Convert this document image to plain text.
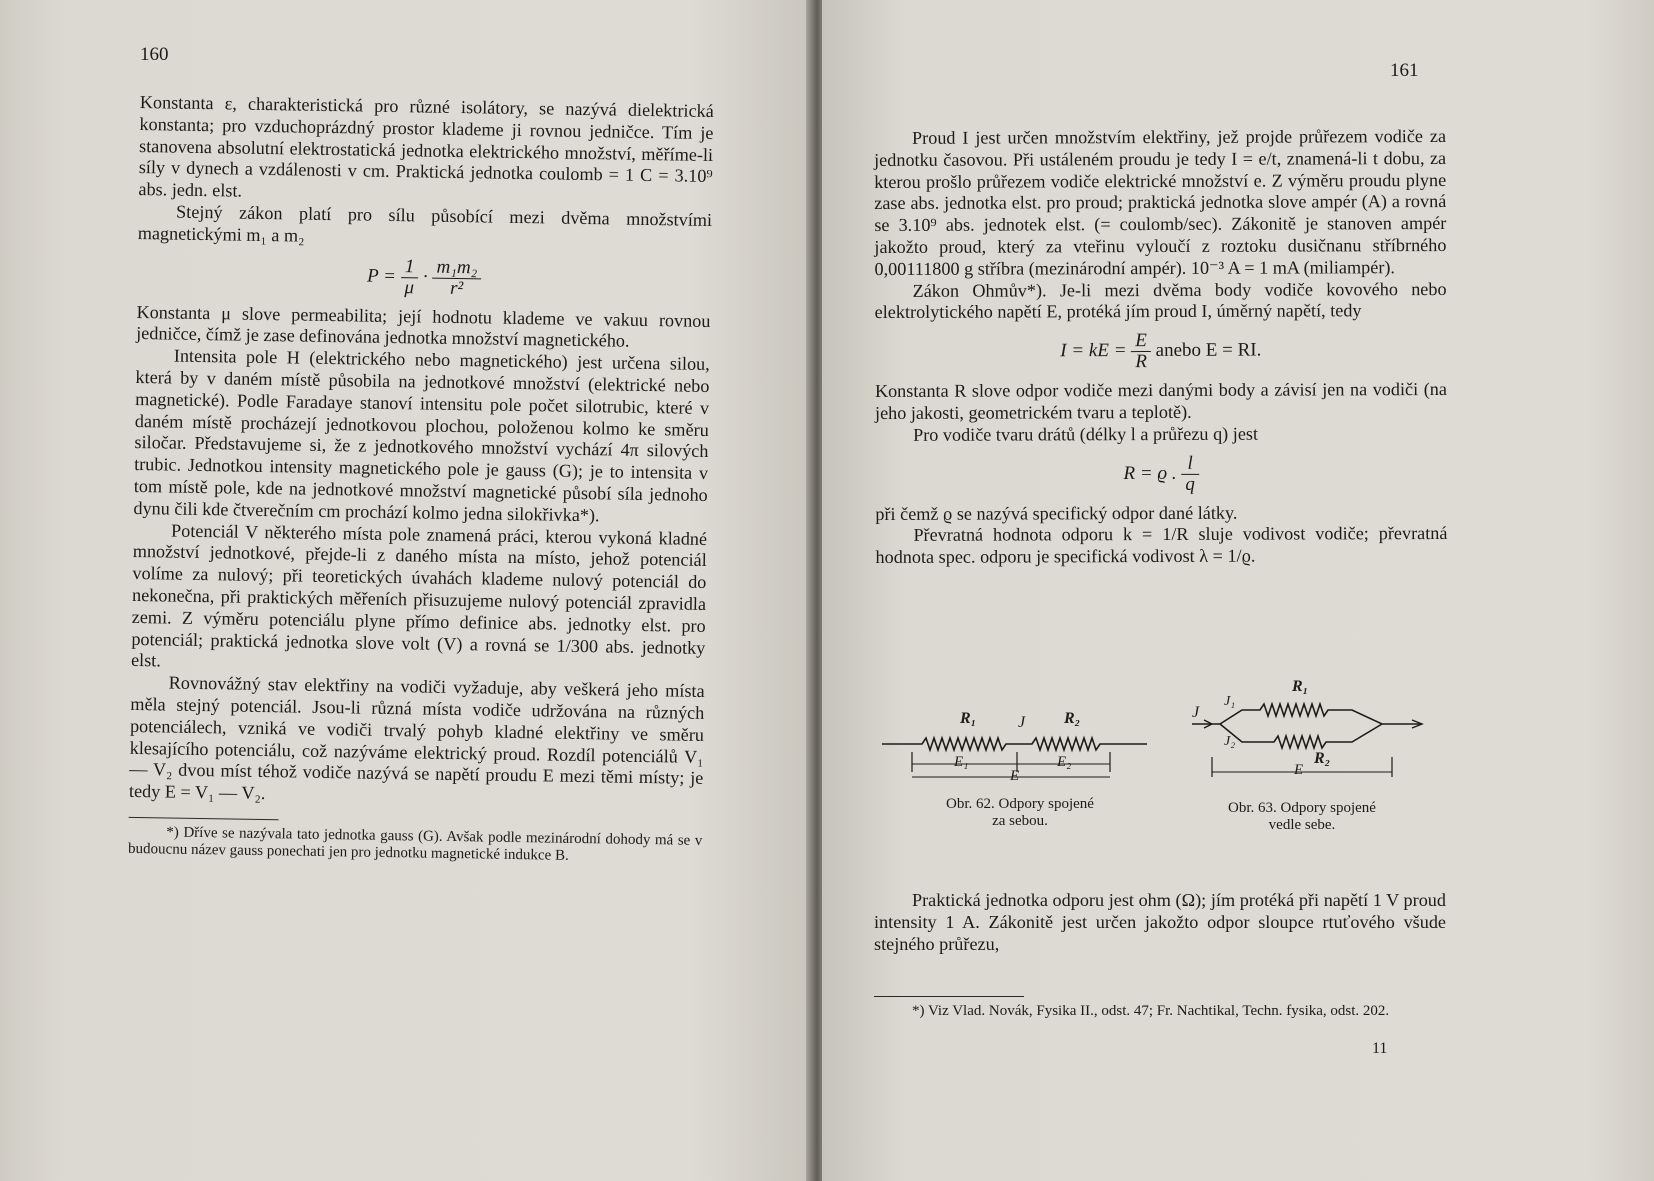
160

Konstanta ε, charakteristická pro různé isolátory, se nazývá dielektrická konstanta; pro vzduchoprázdný prostor klademe ji rovnou jedničce. Tím je stanovena absolutní elektrostatická jednotka elektrického množství, měříme-li síly v dynech a vzdálenosti v cm. Praktická jednotka coulomb = 1 C = 3.10⁹ abs. jedn. elst.

Stejný zákon platí pro sílu působící mezi dvěma množstvími magnetickými m₁ a m₂

$P = \frac{1}{\mu} \cdot \frac{\text{m₁m₂}}{\text{r²}}$

Konstanta μ slove permeabilita; její hodnotu klademe ve vakuu rovnou jedničce, čímž je zase definována jednotka množství magnetického.

Intensita pole H (elektrického nebo magnetického) jest určena silou, která by v daném místě působila na jednotkové množství (elektrické nebo magnetické). Podle Faradaye stanoví intensitu pole počet silotrubic, které v daném místě procházejí jednotkovou plochou, položenou kolmo ke směru siločar. Představujeme si, že z jednotkového množství vychází 4π silových trubic. Jednotkou intensity magnetického pole je gauss (G); je to intensita v tom místě pole, kde na jednotkové množství magnetické působí síla jednoho dynu čili kde čtverečním cm prochází kolmo jedna silokřivka*).

Potenciál V některého místa pole znamená práci, kterou vykoná kladné množství jednotkové, přejde-li z daného místa na místo, jehož potenciál volíme za nulový; při teoretických úvahách klademe nulový potenciál do nekonečna, při praktických měřeních přisuzujeme nulový potenciál zpravidla zemi. Z výměru potenciálu plyne přímo definice abs. jednotky elst. pro potenciál; praktická jednotka slove volt (V) a rovná se 1/300 abs. jednotky elst.

Rovnovážný stav elektřiny na vodiči vyžaduje, aby veškerá jeho místa měla stejný potenciál. Jsou-li různá místa vodiče udržována na různých potenciálech, vzniká ve vodiči trvalý pohyb kladné elektřiny ve směru klesajícího potenciálu, což nazýváme elektrický proud. Rozdíl potenciálů V₁ — V₂ dvou míst téhož vodiče nazývá se napětí proudu E mezi těmi místy; je tedy E = V₁ — V₂.

*) Dříve se nazývala tato jednotka gauss (G). Avšak podle mezinárodní dohody má se v budoucnu název gauss ponechati jen pro jednotku magnetické indukce B.

161

Proud I jest určen množstvím elektřiny, jež projde průřezem vodiče za jednotku časovou. Při ustáleném proudu je tedy I = e/t, znamená-li t dobu, za kterou prošlo průřezem vodiče elektrické množství e. Z výměru proudu plyne zase abs. jednotka elst. pro proud; praktická jednotka slove ampér (A) a rovná se 3.10⁹ abs. jednotek elst. (= coulomb/sec). Zákonitě je stanoven ampér jakožto proud, který za vteřinu vyloučí z roztoku dusičnanu stříbrného 0,00111800 g stříbra (mezinárodní ampér). 10⁻³ A = 1 mA (miliampér).

Zákon Ohmův*). Je-li mezi dvěma body vodiče kovového nebo elektrolytického napětí E, protéká jím proud I, úměrný napětí, tedy

I = kE = $\frac{E}{R}$ anebo E = RI.

Konstanta R slove odpor vodiče mezi danými body a závisí jen na vodiči (na jeho jakosti, geometrickém tvaru a teplotě).

Pro vodiče tvaru drátů (délky l a průřezu q) jest

R = ϱ . $\frac{l}{q}$

při čemž ϱ se nazývá specifický odpor dané látky.

Převratná hodnota odporu k = 1/R sluje vodivost vodiče; převratná hodnota spec. odporu je specifická vodivost λ = 1/ϱ.

R₁	J R₂
E₁	E₂
E
J
J₁
J₂
R₁
R₂
E
Obr. 62. Odpory spojené
za sebou.
Obr. 63. Odpory spojené
vedle sebe.

Praktická jednotka odporu jest ohm (Ω); jím protéká při napětí 1 V proud intensity 1 A. Zákonitě jest určen jakožto odpor sloupce rtuťového všude stejného průřezu,

*) Viz Vlad. Novák, Fysika II., odst. 47; Fr. Nachtikal, Techn. fysika, odst. 202.

11
